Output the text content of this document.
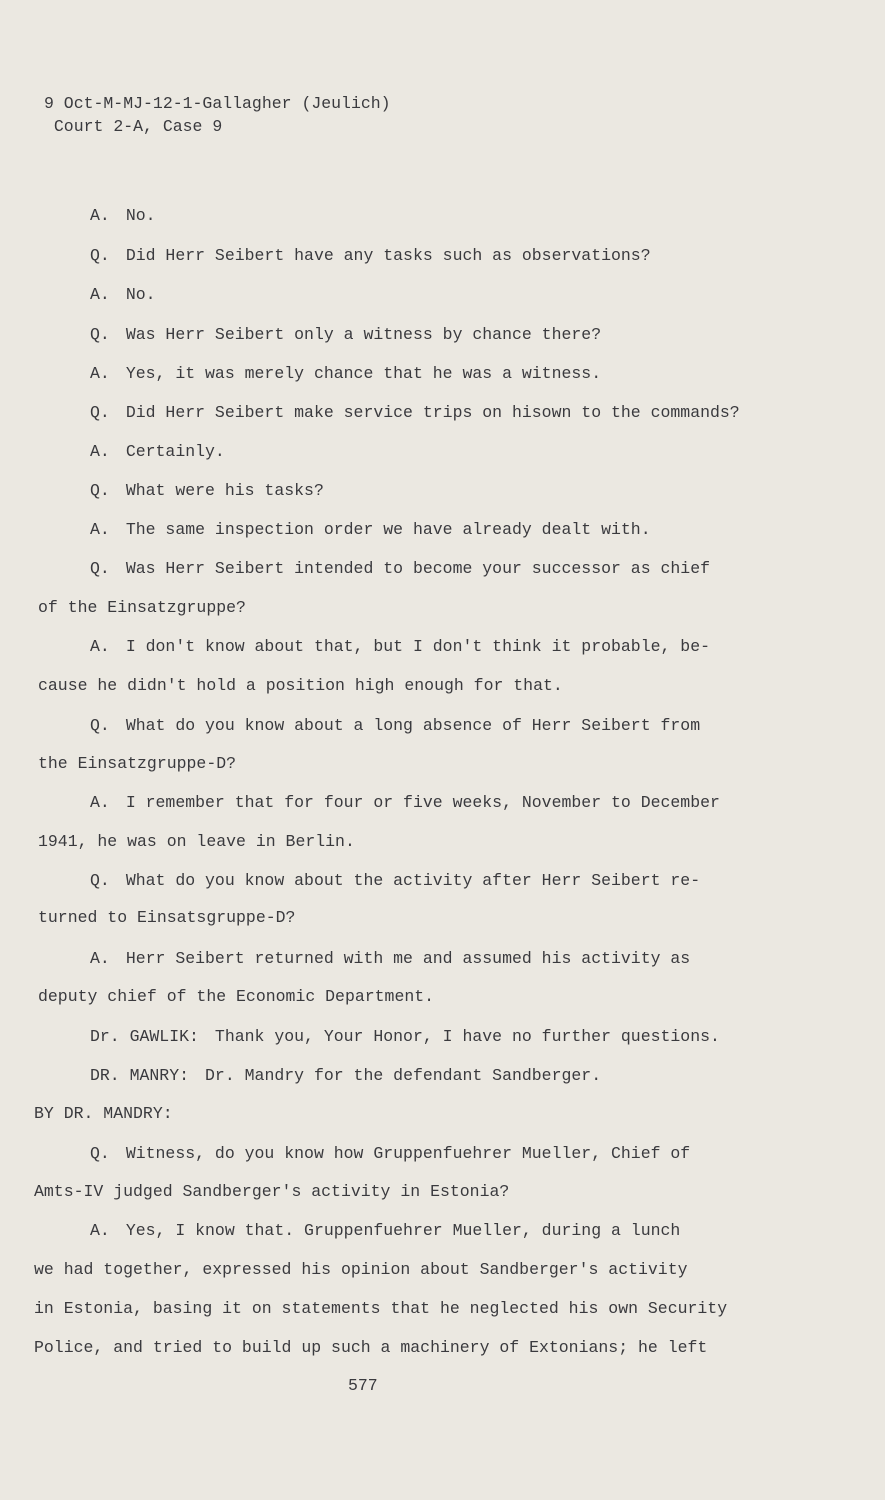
9 Oct-M-MJ-12-1-Gallagher (Jeulich)
Court 2-A, Case 9
A. No.
Q. Did Herr Seibert have any tasks such as observations?
A. No.
Q. Was Herr Seibert only a witness by chance there?
A. Yes, it was merely chance that he was a witness.
Q. Did Herr Seibert make service trips on hisown to the commands?
A. Certainly.
Q. What were his tasks?
A. The same inspection order we have already dealt with.
Q. Was Herr Seibert intended to become your successor as chief
of the Einsatzgruppe?
A. I don't know about that, but I don't think it probable, be-
cause he didn't hold a position high enough for that.
Q. What do you know about a long absence of Herr Seibert from
the Einsatzgruppe-D?
A. I remember that for four or five weeks, November to December
1941, he was on leave in Berlin.
Q. What do you know about the activity after Herr Seibert re-
turned to Einsatsgruppe-D?
A. Herr Seibert returned with me and assumed his activity as
deputy chief of the Economic Department.
Dr. GAWLIK: Thank you, Your Honor, I have no further questions.
DR. MANRY: Dr. Mandry for the defendant Sandberger.
BY DR. MANDRY:
Q. Witness, do you know how Gruppenfuehrer Mueller, Chief of
Amts-IV judged Sandberger's activity in Estonia?
A. Yes, I know that. Gruppenfuehrer Mueller, during a lunch
we had together, expressed his opinion about Sandberger's activity
in Estonia, basing it on statements that he neglected his own Security
Police, and tried to build up such a machinery of Extonians; he left
577
